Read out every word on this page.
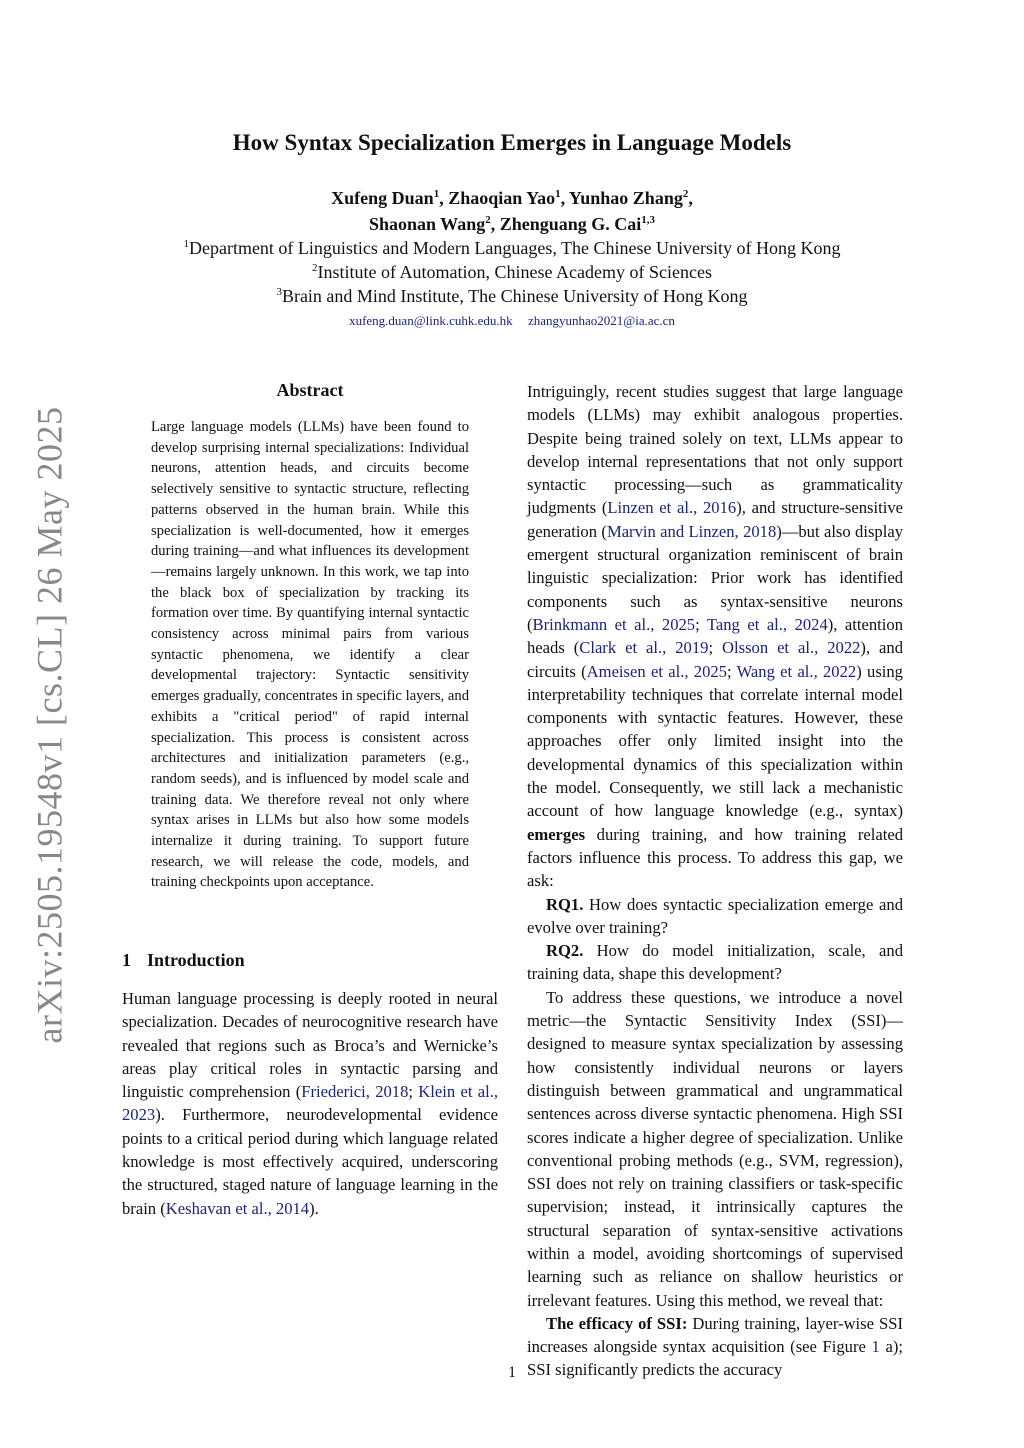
arXiv:2505.19548v1 [cs.CL] 26 May 2025
How Syntax Specialization Emerges in Language Models
Xufeng Duan$^1$, Zhaoqian Yao$^1$, Yunhao Zhang$^2$,
Shaonan Wang$^2$, Zhenguang G. Cai$^{1,3}$
$^1$Department of Linguistics and Modern Languages, The Chinese University of Hong Kong
$^2$Institute of Automation, Chinese Academy of Sciences
$^3$Brain and Mind Institute, The Chinese University of Hong Kong
xufeng.duan@link.cuhk.edu.hk zhangyunhao2021@ia.ac.cn
Abstract

Large language models (LLMs) have been found to develop surprising internal specializations: Individual neurons, attention heads, and circuits become selectively sensitive to syntactic structure, reflecting patterns observed in the human brain. While this specialization is well-documented, how it emerges during training—and what influences its development—remains largely unknown. In this work, we tap into the black box of specialization by tracking its formation over time. By quantifying internal syntactic consistency across minimal pairs from various syntactic phenomena, we identify a clear developmental trajectory: Syntactic sensitivity emerges gradually, concentrates in specific layers, and exhibits a "critical period" of rapid internal specialization. This process is consistent across architectures and initialization parameters (e.g., random seeds), and is influenced by model scale and training data. We therefore reveal not only where syntax arises in LLMs but also how some models internalize it during training. To support future research, we will release the code, models, and training checkpoints upon acceptance.

1 Introduction

Human language processing is deeply rooted in neural specialization. Decades of neurocognitive research have revealed that regions such as Broca’s and Wernicke’s areas play critical roles in syntactic parsing and linguistic comprehension (Friederici, 2018; Klein et al., 2023). Furthermore, neurodevelopmental evidence points to a critical period during which language related knowledge is most effectively acquired, underscoring the structured, staged nature of language learning in the brain (Keshavan et al., 2014).

Intriguingly, recent studies suggest that large language models (LLMs) may exhibit analogous properties. Despite being trained solely on text, LLMs appear to develop internal representations that not only support syntactic processing—such as grammaticality judgments (Linzen et al., 2016), and structure-sensitive generation (Marvin and Linzen, 2018)—but also display emergent structural organization reminiscent of brain linguistic specialization: Prior work has identified components such as syntax-sensitive neurons (Brinkmann et al., 2025; Tang et al., 2024), attention heads (Clark et al., 2019; Olsson et al., 2022), and circuits (Ameisen et al., 2025; Wang et al., 2022) using interpretability techniques that correlate internal model components with syntactic features. However, these approaches offer only limited insight into the developmental dynamics of this specialization within the model. Consequently, we still lack a mechanistic account of how language knowledge (e.g., syntax) emerges during training, and how training related factors influence this process. To address this gap, we ask:

RQ1. How does syntactic specialization emerge and evolve over training?

RQ2. How do model initialization, scale, and training data, shape this development?

To address these questions, we introduce a novel metric—the Syntactic Sensitivity Index (SSI)—designed to measure syntax specialization by assessing how consistently individual neurons or layers distinguish between grammatical and ungrammatical sentences across diverse syntactic phenomena. High SSI scores indicate a higher degree of specialization. Unlike conventional probing methods (e.g., SVM, regression), SSI does not rely on training classifiers or task-specific supervision; instead, it intrinsically captures the structural separation of syntax-sensitive activations within a model, avoiding shortcomings of supervised learning such as reliance on shallow heuristics or irrelevant features. Using this method, we reveal that:

The efficacy of SSI: During training, layer-wise SSI increases alongside syntax acquisition (see Figure 1 a); SSI significantly predicts the accuracy

1
